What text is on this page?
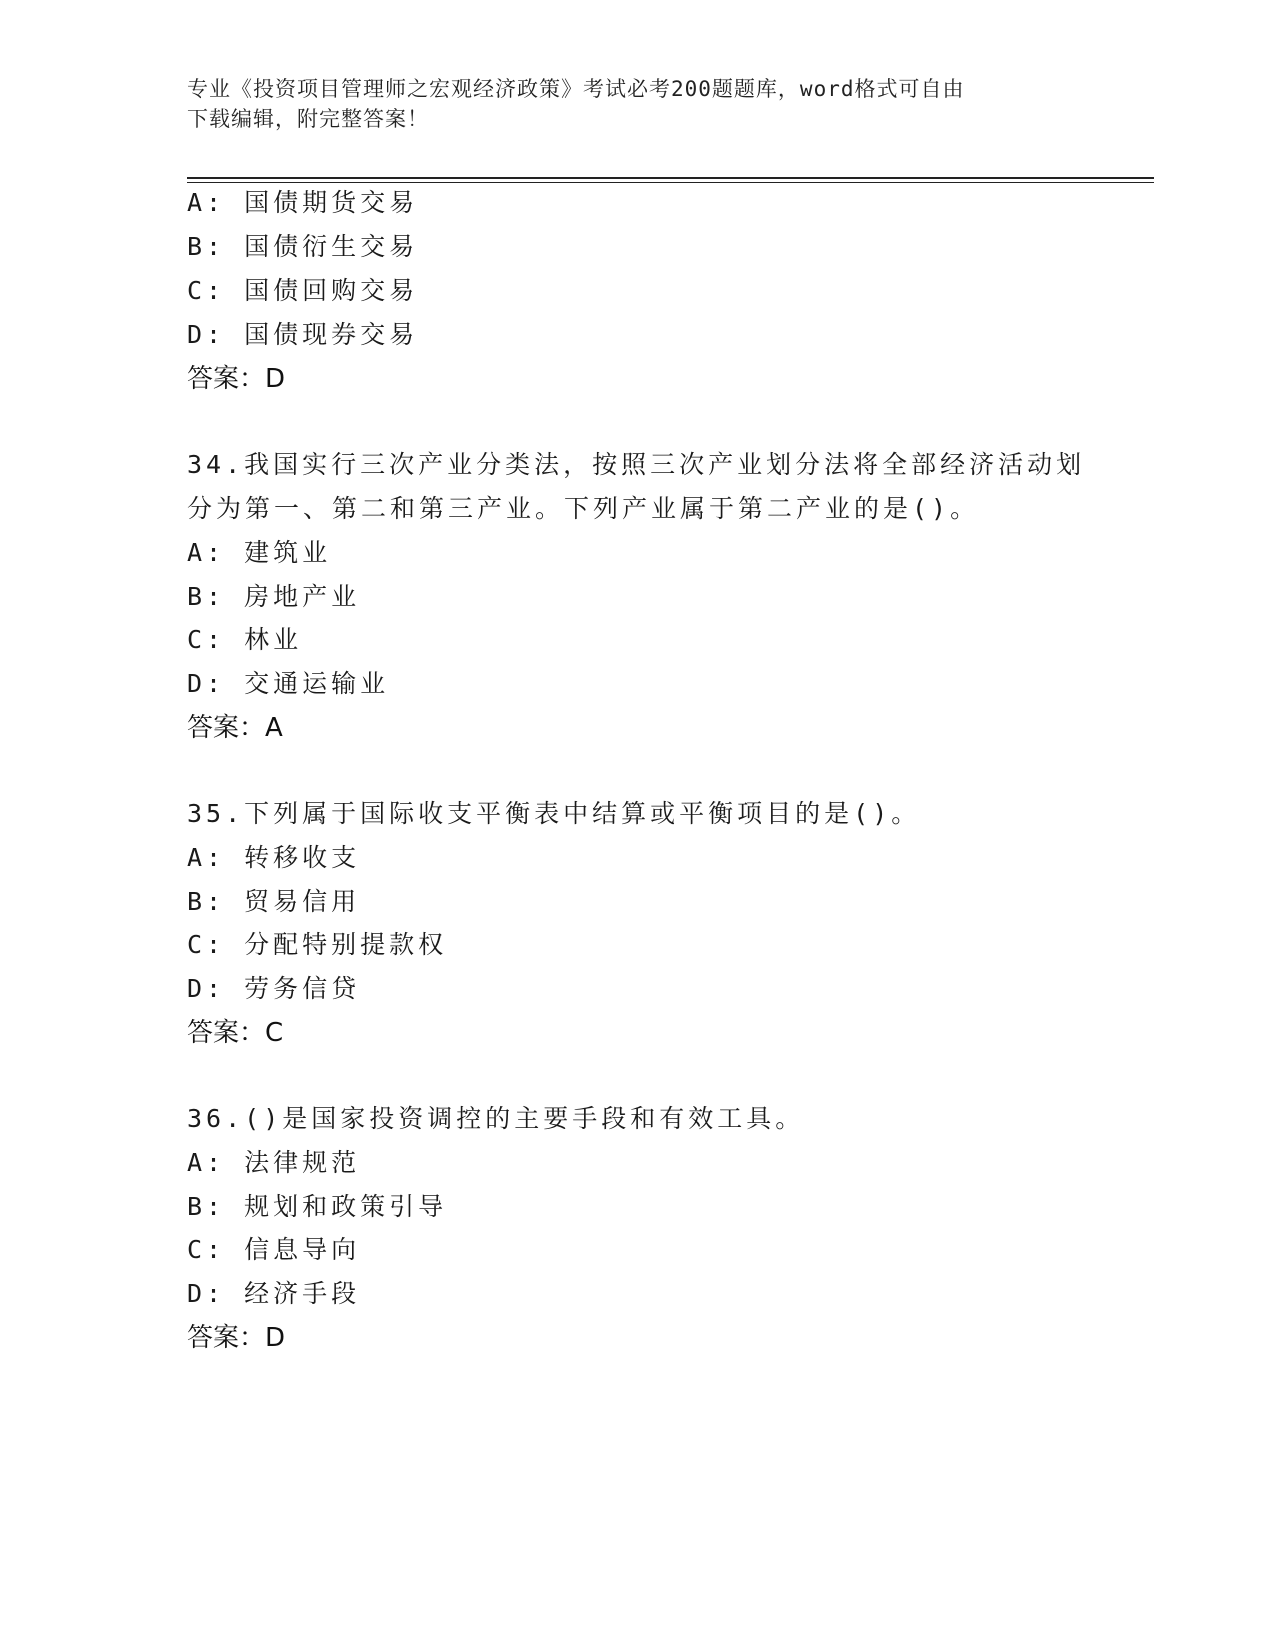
专业《投资项目管理师之宏观经济政策》考试必考200题题库，word格式可自由
下载编辑，附完整答案！
A: 国债期货交易
B: 国债衍生交易
C: 国债回购交易
D: 国债现券交易
答案：D
34.我国实行三次产业分类法，按照三次产业划分法将全部经济活动划
分为第一、第二和第三产业。下列产业属于第二产业的是()。
A: 建筑业
B: 房地产业
C: 林业
D: 交通运输业
答案：A
35.下列属于国际收支平衡表中结算或平衡项目的是()。
A: 转移收支
B: 贸易信用
C: 分配特别提款权
D: 劳务信贷
答案：C
36.()是国家投资调控的主要手段和有效工具。
A: 法律规范
B: 规划和政策引导
C: 信息导向
D: 经济手段
答案：D
